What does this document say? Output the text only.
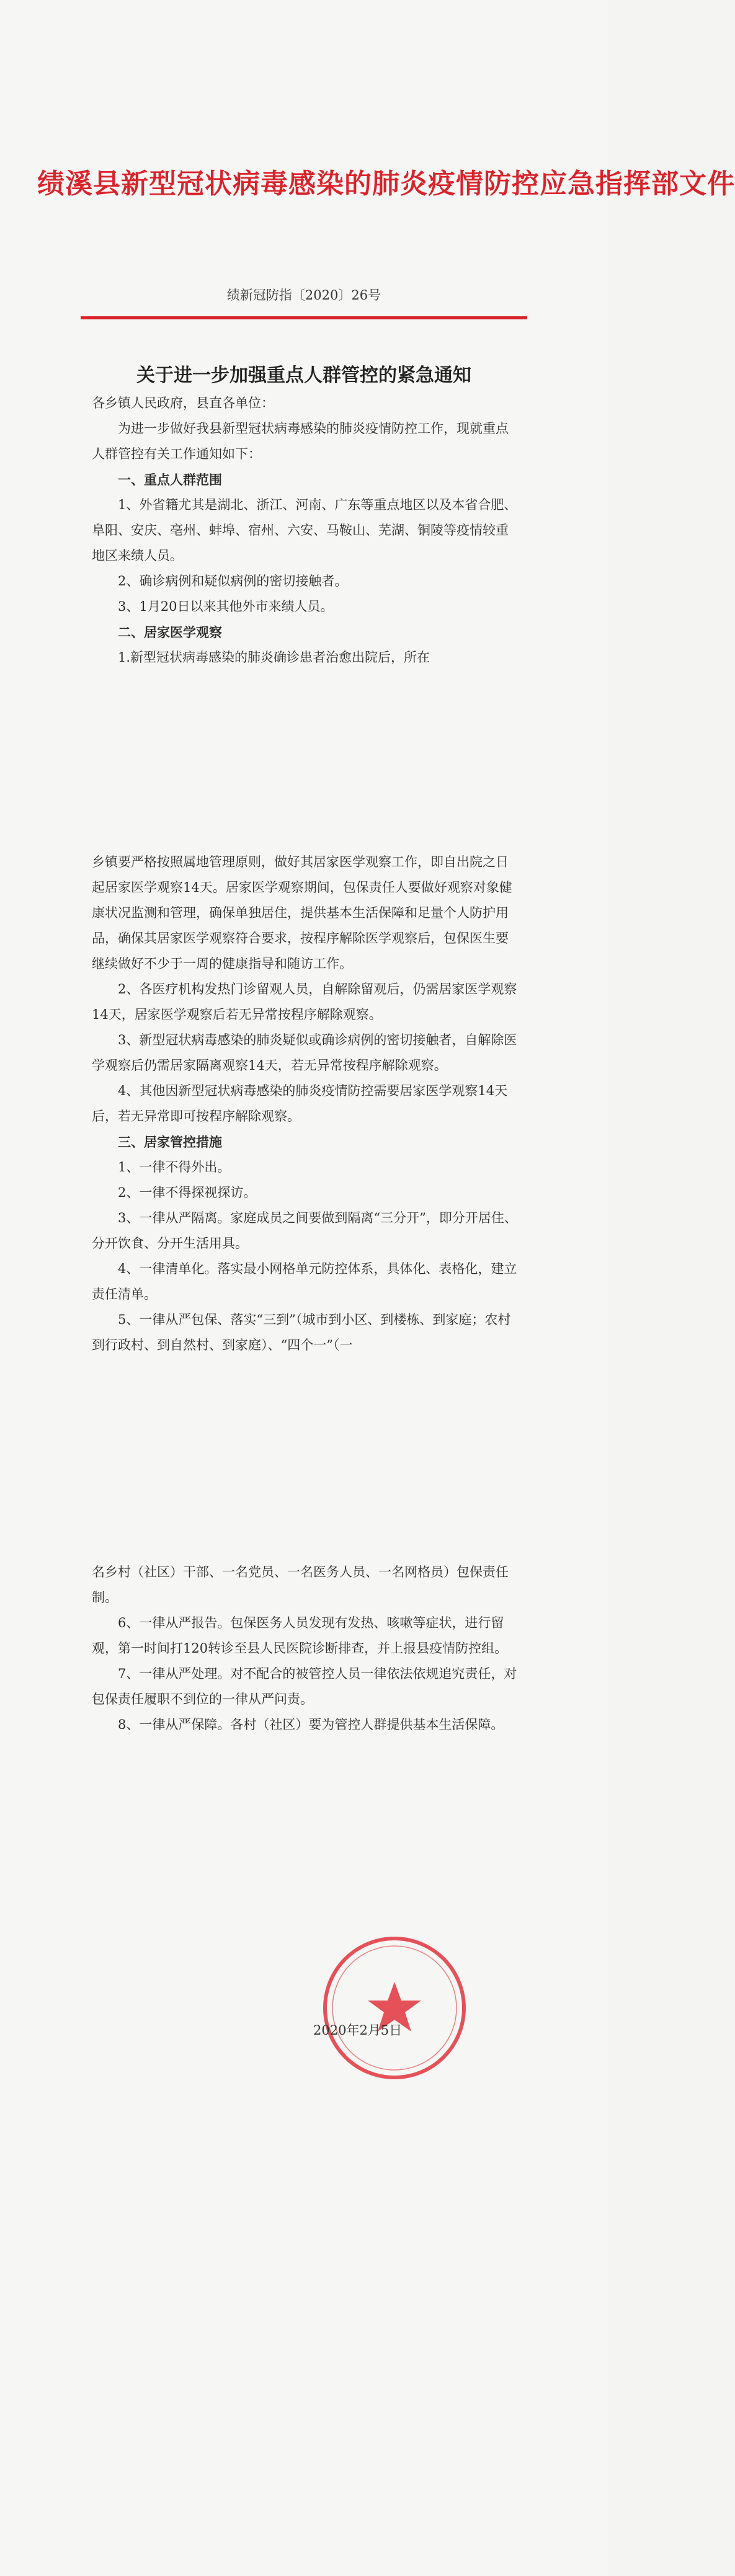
绩溪县新型冠状病毒感染的肺炎疫情防控应急指挥部文件
绩新冠防指〔2020〕26号
关于进一步加强重点人群管控的紧急通知

各乡镇人民政府，县直各单位：

为进一步做好我县新型冠状病毒感染的肺炎疫情防控工作，现就重点人群管控有关工作通知如下：

一、重点人群范围

1、外省籍尤其是湖北、浙江、河南、广东等重点地区以及本省合肥、阜阳、安庆、亳州、蚌埠、宿州、六安、马鞍山、芜湖、铜陵等疫情较重地区来绩人员。

2、确诊病例和疑似病例的密切接触者。

3、1月20日以来其他外市来绩人员。

二、居家医学观察

1.新型冠状病毒感染的肺炎确诊患者治愈出院后，所在

乡镇要严格按照属地管理原则，做好其居家医学观察工作，即自出院之日起居家医学观察14天。居家医学观察期间，包保责任人要做好观察对象健康状况监测和管理，确保单独居住，提供基本生活保障和足量个人防护用品，确保其居家医学观察符合要求，按程序解除医学观察后，包保医生要继续做好不少于一周的健康指导和随访工作。

2、各医疗机构发热门诊留观人员，自解除留观后，仍需居家医学观察14天，居家医学观察后若无异常按程序解除观察。

3、新型冠状病毒感染的肺炎疑似或确诊病例的密切接触者，自解除医学观察后仍需居家隔离观察14天，若无异常按程序解除观察。

4、其他因新型冠状病毒感染的肺炎疫情防控需要居家医学观察14天后，若无异常即可按程序解除观察。

三、居家管控措施

1、一律不得外出。

2、一律不得探视探访。

3、一律从严隔离。家庭成员之间要做到隔离“三分开”，即分开居住、分开饮食、分开生活用具。

4、一律清单化。落实最小网格单元防控体系，具体化、表格化，建立责任清单。

5、一律从严包保、落实“三到”（城市到小区、到楼栋、到家庭；农村到行政村、到自然村、到家庭）、“四个一”（一

名乡村（社区）干部、一名党员、一名医务人员、一名网格员）包保责任制。

6、一律从严报告。包保医务人员发现有发热、咳嗽等症状，进行留观，第一时间打120转诊至县人民医院诊断排查，并上报县疫情防控组。

7、一律从严处理。对不配合的被管控人员一律依法依规追究责任，对包保责任履职不到位的一律从严问责。

8、一律从严保障。各村（社区）要为管控人群提供基本生活保障。

2020年2月5日
